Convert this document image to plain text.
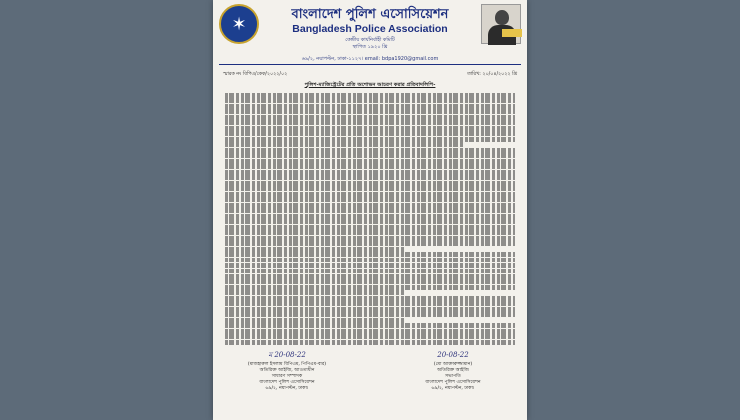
✶	বাংলাদেশ পুলিশ এসোসিয়েশন
Bangladesh Police Association
কেন্দ্রীয় কার্যনির্বাহী কমিটি
স্থাপিত ১৯২০ খ্রি
৬৯/২, নয়াপল্টন, ঢাকা-১১২৭। email: bdpa1920@gmail.com
স্মারক নং বিপিএ/কেক/২০২২/০২	তারিখ: ২০/০৪/২০২২ খ্রি
পুলিশ-ম্যাজিস্ট্রেটের প্রতি অশোভন আচরণ করার প্রতিবাদলিপি-
ম 20-08-22
(মাজহারুল ইসলাম বিপিএম, পিপিএম-বার)
অতিরিক্ত আইজি, আওতাধীন
সাধারণ সম্পাদক
বাংলাদেশ পুলিশ এসোসিয়েশন
৬৯/২, নয়াপল্টন, ঢাকা।
20-08-22
(মো আক্তারুজ্জামান)
অতিরিক্ত আইজি
সভাপতি
বাংলাদেশ পুলিশ এসোসিয়েশন
৬৯/২, নয়াপল্টন, ঢাকা।
